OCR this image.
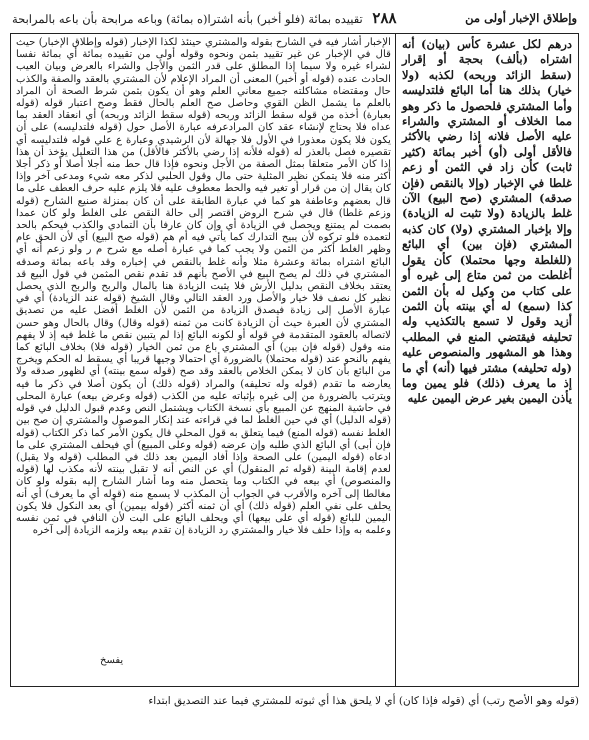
وإطلاق الإخبار أولى من
٢٨٨ تقييده بمائة (فلو أخبر) بأنه اشترا(ه بمائة) وباعه مرابحة بأن باعه بالمرابحة
درهم لكل عشرة كأس (بيان) أنه اشتراه (بألف) بحجة أو إقرار (سقط الزائد وربحه) لكذبه (ولا خيار) بذلك هنا أما البائع فلتدليسه وأما المشتري فلحصول ما ذكر وهو مما الخلاف أو المشتري والشراء عليه الأصل فلانه إذا رضي بالأكثر فالأقل أولى (أو) أخبر بمائة (كثير ثابت) كأن زاد في الثمن أو زعم غلطا في الإخبار (وإلا بالنقص (فإن صدقه) المشتري (صح البيع) الآن غلط بالزيادة (ولا تثبت له الزيادة) وإلا بإخبار المشتري (ولا) كان كذبه المشتري (فإن بين) أي البائع (للغلطة وجها محتملا) كأن يقول أغلطت من ثمن متاع إلى غيره أو على كتاب من وكيل له بأن الثمن كذا (سمع) له أي بينته بأن الثمن أزيد وقول لا تسمع بالتكذيب وله تحليفه فيقتضي المنع في المطلب وهذا هو المشهور والمنصوص عليه (وله تحليفه) مشتر فيها (أنه) أي ما إذ ما يعرف (ذلك) فلو يمين وما يأذن اليمين بغير عرض اليمين عليه
الإخبار أشار فيه في الشارح بقوله والمشتري حينئذ لكذا الإخبار (قوله وإطلاق الإخبار) حيث قال في الإخبار عن غير تقييد بثمن ونحوه وقوله أولى من تقييده بمائة أي بمائة نفسا لشراء غيره ولا سيما إذا المطلق على قدر الثمن والأجل والشراء بالعرض وبيان العيب الحادث عنده (قوله أو أخبر) المعنى أن المراد الإعلام لأن المشتري بالعقد والصفة والكذب حال ومقتضاه مشاكلته جميع معاني العلم وهو أن يكون بثمن شرط الصحة أن المراد بالعلم ما يشمل الظن القوي وحاصل صح العلم بالحال فقط وصح اعتبار قوله (قوله بعبارة) أخذه من قوله سقط الزائد وربحه (قوله سقط الزائد وربحه) أي انعقاد العقد بما عداه فلا يحتاج لإنشاء عقد كان المرادعرفه عبارة الأصل حول (قوله فلتدليسه) على أن يكون فلا يكون معذورا في الأول فلا جهالة لأن الرشيدي وعبارة ع علي قوله فلتدليسه أي تقصيره فصل بالعذر له (قوله فلأنه إذا رضي بالأكثر فالأقل) من هذا التعليل يؤخذ أن هذا إذا كان الأمر متعلقا بمثل الصفة من الأجل ونحوه فإذا قال حط منه أجلا أصلا أو ذكر أجلا أكثر منه فلا يتمكن نظير المثلية حتى مال وقول الحلبي لذكر معه شيء ومدعى آخر وإذا كان يقال إن من قرار أو تغير فيه والحط معطوف عليه فلا يلزم عليه حرف العطف على ما قال بعضهم وعاطفة هو كما في عبارة الطابقة على أن كان بمنزلة صنيع الشارح (قوله وزعم غلطا) قال في شرح الروض اقتصر إلى حالة النقص على الغلط ولو كان عمدا بصمت لم يمتنع ويحصل في الزيادة أي وإن كان عارفا بأن التمادي والكذب فيحكم بالحد لتعمده فلو تركوه لأن يبيح التدارك كما يأتي فيه أم هم (قوله صح البيع) أي لأن الحق عام وظهر الغلط أكثر من الثمن ولا يجب كما في عبارة أصله مع شرح م ر ولو زعم أنه أي البائع اشتراه بمائة وعشرة مثلا وأنه غلط بالنقص في إخباره وقد باعه بمائة وصدقه المشتري في ذلك لم يصح البيع في الأصح بأنهم قد تقدم نقص المثمن في قول البيع قد يعتقد بخلاف النقص بدليل الأرش فلا يثبت الزيادة هنا بالمال والربح والربح الذي يحصل نظير كل نصف فلا خيار والأصل ورد العقد التالي وقال الشيخ (قوله عند الزيادة) أي في عبارة الأصل إلى زيادة فيصدق الزيادة من الثمن لأن الغلط أفضل عليه من تصديق المشتري لأن العبرة حيث أن الزيادة كانت من ثمنه (قوله وقال) وقال بالحال وهو حسن لاتصاله بالعقود المتقدمة في قوله أو لكونه البائع إذا لم يتبين نقص ما غلط فيه إذ لا يفهم منه وقول (قوله فإن بين) أي المشتري باع من ثمن الخيار (قوله فلا) بخلاف البائع كما يفهم بالنحو عند (قوله محتملا) بالضرورة أي احتمالا وجيها قريبا أي يسقط له الحكم ويخرج من البائع بأن كان لا يمكن الخلاص بالعقد وقد صح (قوله سمع بينته) أي لظهور صدقه ولا يعارضه ما تقدم (قوله وله تحليفه) والمراد (قوله ذلك) أن يكون أصلا في ذكر ما فيه ويترتب بالضرورة من إلى غيره بإثباته عليه من الكذب (قوله وعرض بيعه) عبارة المحلى في حاشية المنهج عن المبيع بأي نسخة الكتاب ويشتمل النص وعدم قبول الدليل في قوله (قوله الدليل) أي في حين الغلط لما في قراءته عند إنكار الموصول والمشتري إن صح بين الغلط نفسه (قوله المنع) فيما يتعلق به قول المحلي قال يكون الأمر كما ذكر الكتاب (قوله فإن أبى) أي البائع الذي طلبه وإن عرضه (قوله وعلى المبيع) أي فيحلف المشتري على ما ادعاه (قوله اليمين) على الصحة وإذا أفاد اليمين بعد ذلك في المطلب (قوله ولا يقبل) لعدم إقامة البينة (قوله ثم المنقول) أي عن النص أنه لا تقبل بينته لأنه مكذب لها (قوله والمنصوص) أي بيعه في الكتاب وما يتحصل منه وما أشار الشارح إليه بقوله ولو كان مغالطا إلى آخره والأقرب في الجواب أن المكذب لا يسمع منه (قوله أي ما يعرف) أي أنه يحلف على نفي العلم (قوله ذلك) أي أن ثمنه أكثر (قوله بيمين) أي بعد النكول فلا يكون اليمين للبائع (قوله أي على بيعها) أي ويحلف البائع على البت لأن النافي في ثمن نفسه وعلمه به وإذا حلف فلا خيار والمشتري رد الزيادة إن تقدم بيعه ولزمه الزيادة إلى آخره
يفسخ
(قوله وهو الأصح رتب) أي (قوله فإذا كان) أي لا يلحق هذا أي ثبوته للمشتري فيما عند التصديق ابتداء
